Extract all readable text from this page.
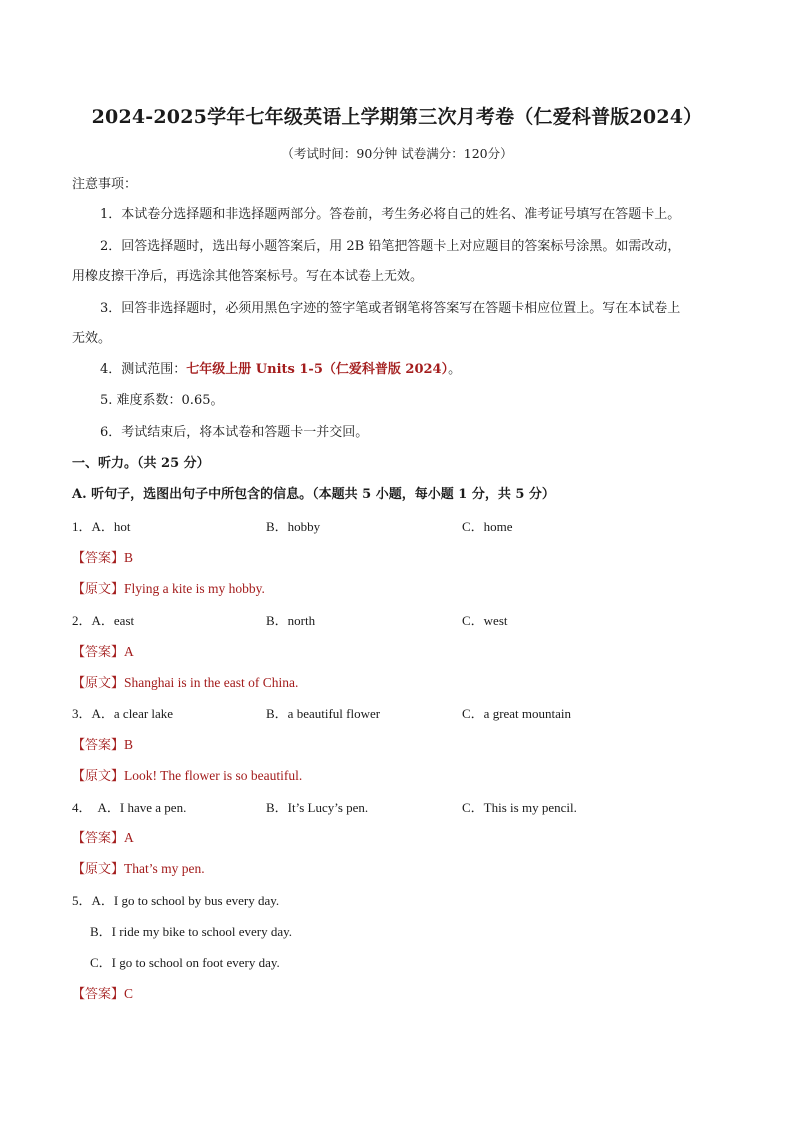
2024-2025学年七年级英语上学期第三次月考卷（仁爱科普版2024）
（考试时间：90分钟 试卷满分：120分）
注意事项：
1．本试卷分选择题和非选择题两部分。答卷前，考生务必将自己的姓名、准考证号填写在答题卡上。
2．回答选择题时，选出每小题答案后，用 2B 铅笔把答题卡上对应题目的答案标号涂黑。如需改动，
用橡皮擦干净后，再选涂其他答案标号。写在本试卷上无效。
3．回答非选择题时，必须用黑色字迹的签字笔或者钢笔将答案写在答题卡相应位置上。写在本试卷上
无效。
4．测试范围：七年级上册 Units 1-5（仁爱科普版 2024）。
5. 难度系数：0.65。
6．考试结束后，将本试卷和答题卡一并交回。
一、听力。（共 25 分）
A. 听句子，选图出句子中所包含的信息。（本题共 5 小题，每小题 1 分，共 5 分）
1．A．hot	B．hobby	C．home
【答案】B
【原文】Flying a kite is my hobby.
2．A．east	B．north	C．west
【答案】A
【原文】Shanghai is in the east of China.
3．A．a clear lake	B．a beautiful flower	C．a great mountain
【答案】B
【原文】Look! The flower is so beautiful.
4． A．I have a pen.	B．It’s Lucy’s pen.	C．This is my pencil.
【答案】A
【原文】That’s my pen.
5．A．I go to school by bus every day.
B．I ride my bike to school every day.
C．I go to school on foot every day.
【答案】C
